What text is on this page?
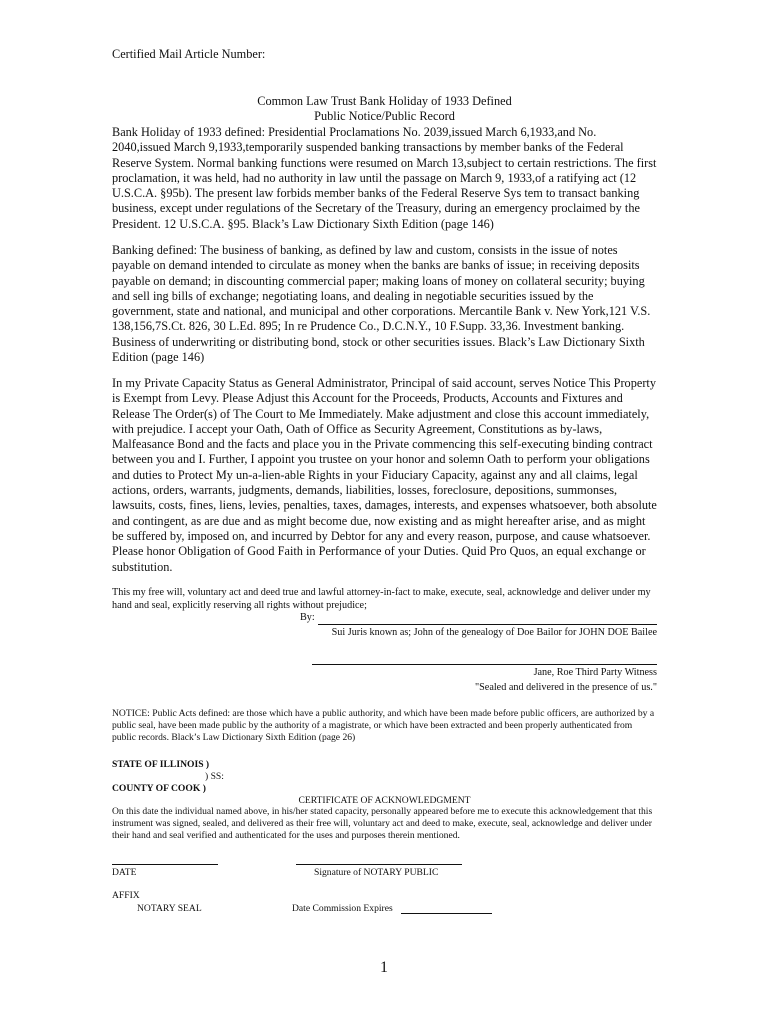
Certified Mail Article Number:
Common Law Trust Bank Holiday of 1933 Defined
Public Notice/Public Record
Bank Holiday of 1933 defined: Presidential Proclamations No. 2039,issued March 6,1933,and No. 2040,issued March 9,1933,temporarily suspended banking transactions by member banks of the Federal Reserve System. Normal banking functions were resumed on March 13,subject to certain restrictions. The first proclamation, it was held, had no authority in law until the passage on March 9, 1933,of a ratifying act (12 U.S.C.A. §95b). The present law forbids member banks of the Federal Reserve Sys tem to transact banking business, except under regulations of the Secretary of the Treasury, during an emergency proclaimed by the President. 12 U.S.C.A. §95. Black’s Law Dictionary Sixth Edition (page 146)
Banking defined: The business of banking, as defined by law and custom, consists in the issue of notes payable on demand intended to circulate as money when the banks are banks of issue; in receiving deposits payable on demand; in discounting commercial paper; making loans of money on collateral security; buying and sell ing bills of exchange; negotiating loans, and dealing in negotiable securities issued by the government, state and national, and municipal and other corporations. Mercantile Bank v. New York,121 V.S. 138,156,7S.Ct. 826, 30 L.Ed. 895; In re Prudence Co., D.C.N.Y., 10 F.Supp. 33,36. Investment banking. Business of underwriting or distributing bond, stock or other securities issues. Black’s Law Dictionary Sixth Edition (page 146)
In my Private Capacity Status as General Administrator, Principal of said account, serves Notice This Property is Exempt from Levy. Please Adjust this Account for the Proceeds, Products, Accounts and Fixtures and Release The Order(s) of The Court to Me Immediately. Make adjustment and close this account immediately, with prejudice. I accept your Oath, Oath of Office as Security Agreement, Constitutions as by-laws, Malfeasance Bond and the facts and place you in the Private commencing this self-executing binding contract between you and I. Further, I appoint you trustee on your honor and solemn Oath to perform your obligations and duties to Protect My un-a-lien-able Rights in your Fiduciary Capacity, against any and all claims, legal actions, orders, warrants, judgments, demands, liabilities, losses, foreclosure, depositions, summonses, lawsuits, costs, fines, liens, levies, penalties, taxes, damages, interests, and expenses whatsoever, both absolute and contingent, as are due and as might become due, now existing and as might hereafter arise, and as might be suffered by, imposed on, and incurred by Debtor for any and every reason, purpose, and cause whatsoever. Please honor Obligation of Good Faith in Performance of your Duties. Quid Pro Quos, an equal exchange or substitution.
This my free will, voluntary act and deed true and lawful attorney-in-fact to make, execute, seal, acknowledge and deliver under my hand and seal, explicitly reserving all rights without prejudice;
By:
Sui Juris known as; John of the genealogy of Doe Bailor for JOHN DOE Bailee
Jane, Roe Third Party Witness
"Sealed and delivered in the presence of us."
NOTICE: Public Acts defined: are those which have a public authority, and which have been made before public officers, are authorized by a public seal, have been made public by the authority of a magistrate, or which have been extracted and been properly authenticated from public records. Black’s Law Dictionary Sixth Edition (page 26)
STATE OF ILLINOIS )
) SS:
COUNTY OF COOK )
CERTIFICATE OF ACKNOWLEDGMENT
On this date the individual named above, in his/her stated capacity, personally appeared before me to execute this acknowledgement that this instrument was signed, sealed, and delivered as their free will, voluntary act and deed to make, execute, seal, acknowledge and deliver under their hand and seal verified and authenticated for the uses and purposes therein mentioned.
DATE	Signature of NOTARY PUBLIC
AFFIX
NOTARY SEAL	Date Commission Expires
1
